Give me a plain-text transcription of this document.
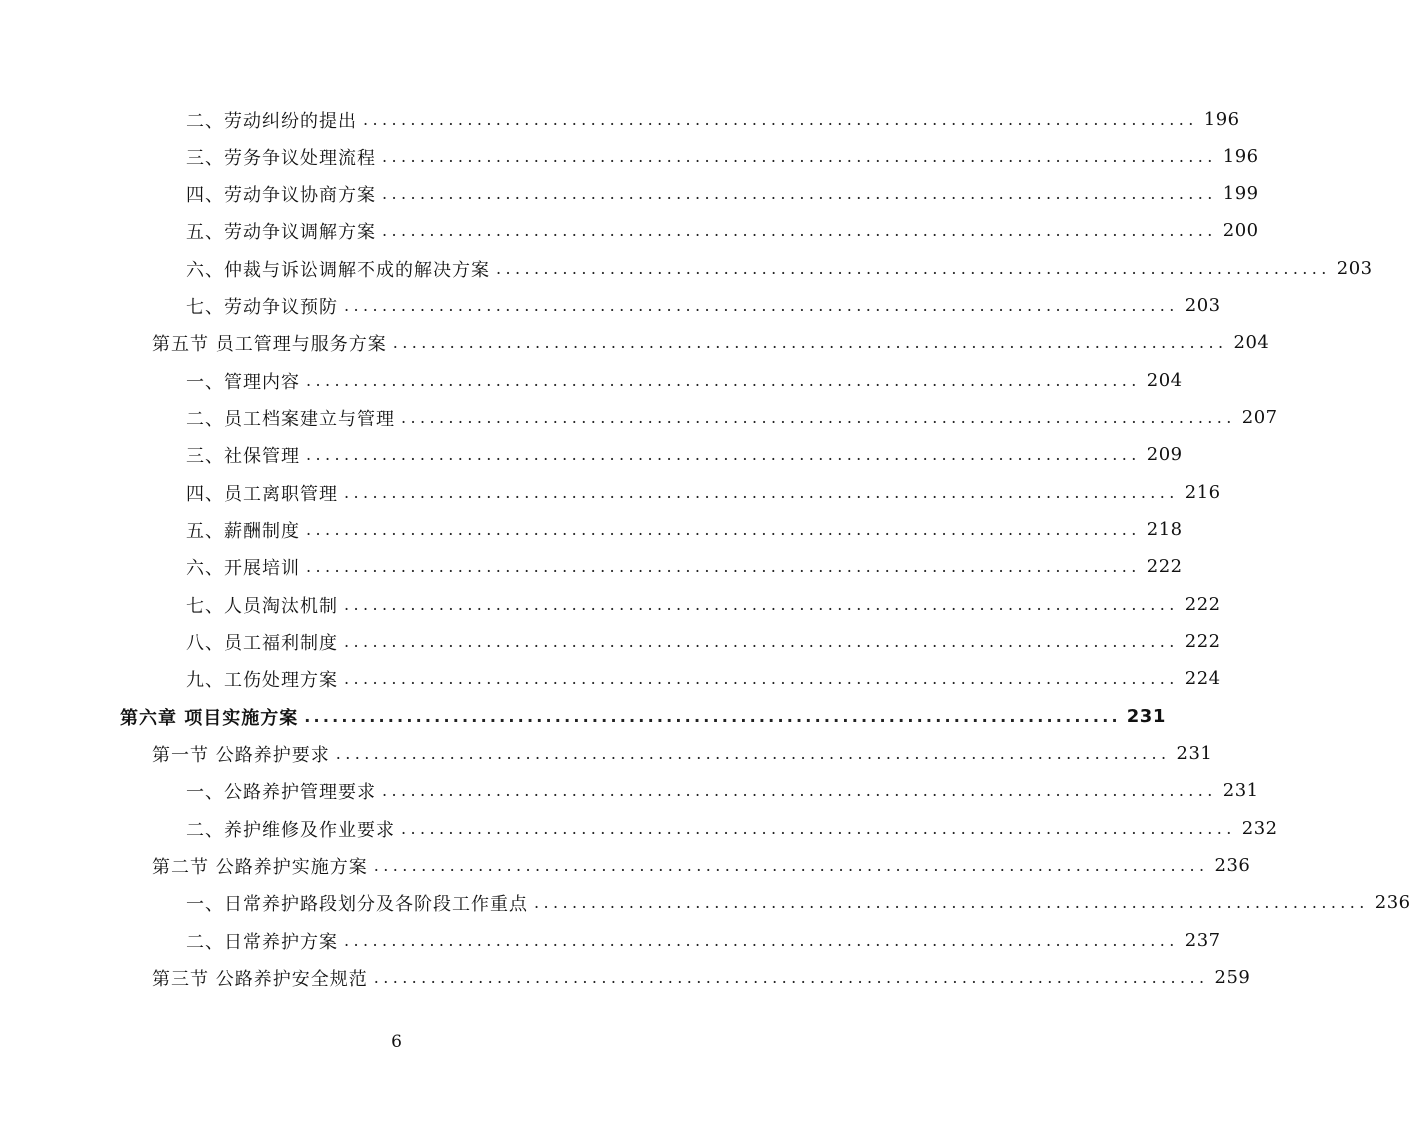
二、劳动纠纷的提出 ........................................................................................ 196
三、劳务争议处理流程 ........................................................................................ 196
四、劳动争议协商方案 ........................................................................................ 199
五、劳动争议调解方案 ........................................................................................ 200
六、仲裁与诉讼调解不成的解决方案 ........................................................................................ 203
七、劳动争议预防 ........................................................................................ 203
第五节 员工管理与服务方案 ........................................................................................ 204
一、管理内容 ........................................................................................ 204
二、员工档案建立与管理 ........................................................................................ 207
三、社保管理 ........................................................................................ 209
四、员工离职管理 ........................................................................................ 216
五、薪酬制度 ........................................................................................ 218
六、开展培训 ........................................................................................ 222
七、人员淘汰机制 ........................................................................................ 222
八、员工福利制度 ........................................................................................ 222
九、工伤处理方案 ........................................................................................ 224
第六章 项目实施方案 ........................................................................................ 231
第一节 公路养护要求 ........................................................................................ 231
一、公路养护管理要求 ........................................................................................ 231
二、养护维修及作业要求 ........................................................................................ 232
第二节 公路养护实施方案 ........................................................................................ 236
一、日常养护路段划分及各阶段工作重点 ........................................................................................ 236
二、日常养护方案 ........................................................................................ 237
第三节 公路养护安全规范 ........................................................................................ 259
6
